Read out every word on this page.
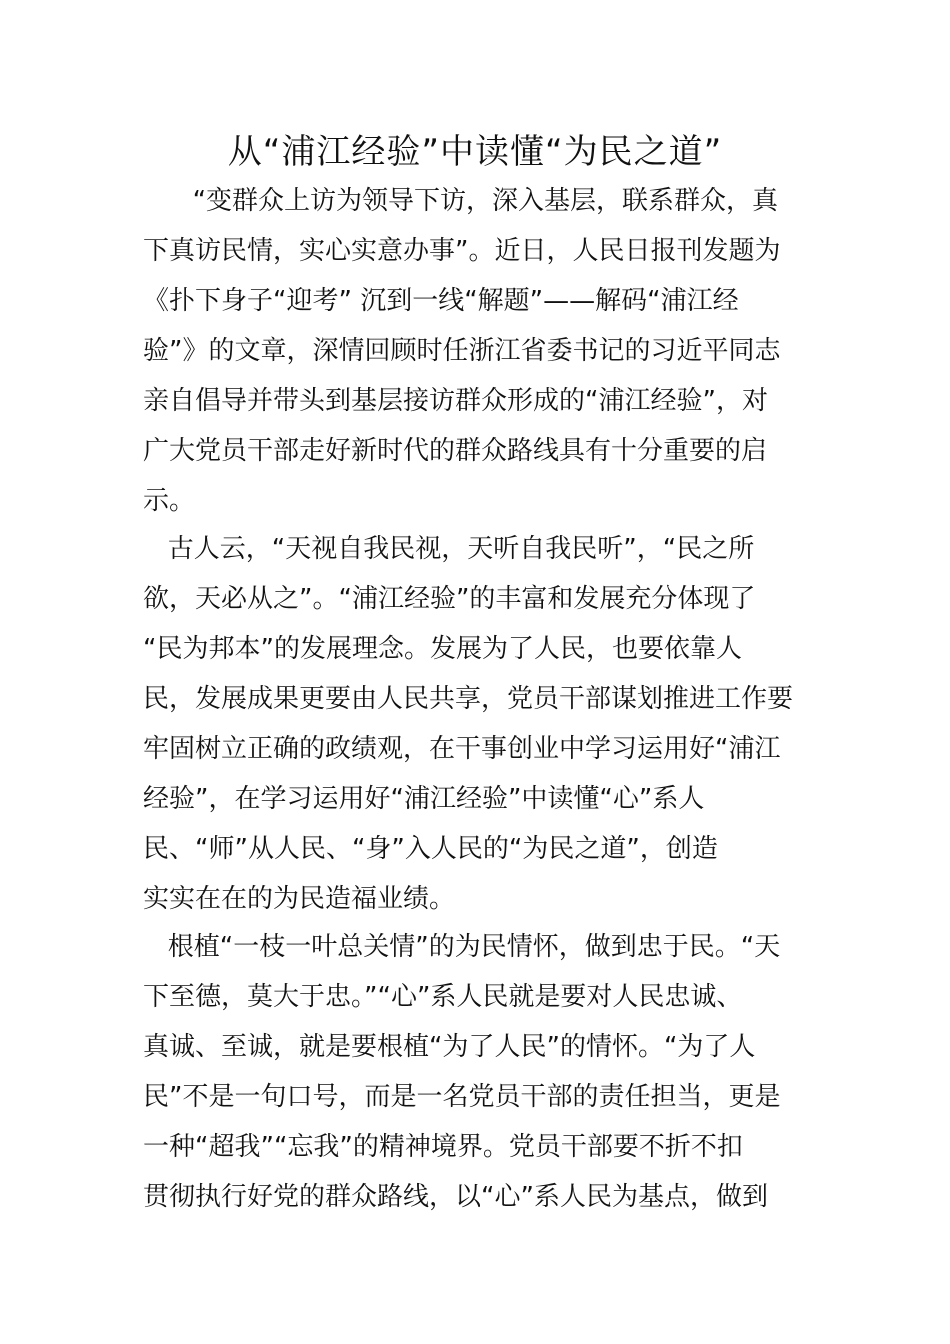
从“浦江经验”中读懂“为民之道”
“变群众上访为领导下访，深入基层，联系群众，真
下真访民情，实心实意办事”。近日，人民日报刊发题为
《扑下身子“迎考” 沉到一线“解题”——解码“浦江经
验”》的文章，深情回顾时任浙江省委书记的习近平同志
亲自倡导并带头到基层接访群众形成的“浦江经验”，对
广大党员干部走好新时代的群众路线具有十分重要的启
示。
古人云，“天视自我民视，天听自我民听”，“民之所
欲，天必从之”。“浦江经验”的丰富和发展充分体现了
“民为邦本”的发展理念。发展为了人民，也要依靠人
民，发展成果更要由人民共享，党员干部谋划推进工作要
牢固树立正确的政绩观，在干事创业中学习运用好“浦江
经验”，在学习运用好“浦江经验”中读懂“心”系人
民、“师”从人民、“身”入人民的“为民之道”，创造
实实在在的为民造福业绩。
根植“一枝一叶总关情”的为民情怀，做到忠于民。“天
下至德，莫大于忠。”“心”系人民就是要对人民忠诚、
真诚、至诚，就是要根植“为了人民”的情怀。“为了人
民”不是一句口号，而是一名党员干部的责任担当，更是
一种“超我”“忘我”的精神境界。党员干部要不折不扣
贯彻执行好党的群众路线，以“心”系人民为基点，做到
